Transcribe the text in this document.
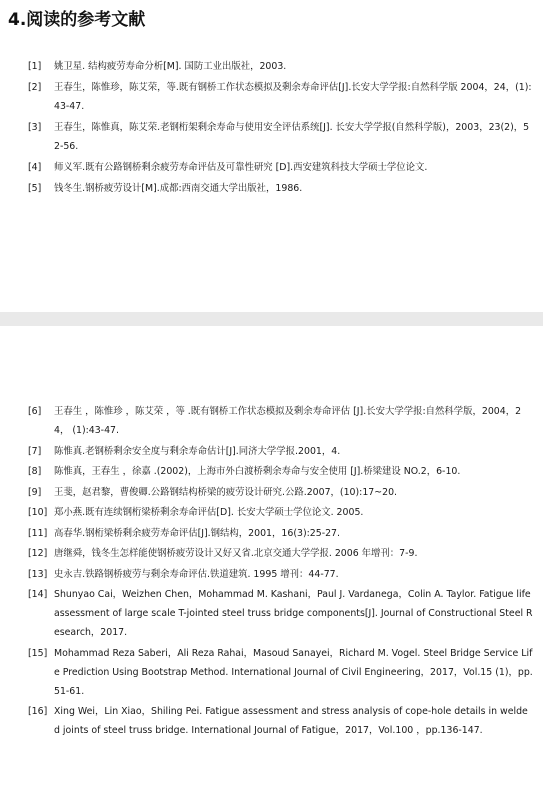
4.阅读的参考文献
[1] 姚卫星. 结构疲劳寿命分析[M]. 国防工业出版社，2003.
[2] 王春生，陈惟珍，陈艾荣，等.既有钢桥工作状态模拟及剩余寿命评估[J].长安大学学报:自然科学版 2004，24，(1):43-47.
[3] 王春生，陈惟真，陈艾荣.老钢桁架剩余寿命与使用安全评估系统[J]. 长安大学学报(自然科学版)，2003，23(2)，52-56.
[4] 师义军.既有公路钢桥剩余疲劳寿命评估及可靠性研究 [D].西安建筑科技大学硕士学位论文.
[5] 钱冬生.钢桥疲劳设计[M].成都:西南交通大学出版社，1986.
[6] 王春生 ，陈惟珍 ，陈艾荣 ，等 .既有钢桥工作状态模拟及剩余寿命评估 [J].长安大学学报:自然科学版，2004，24， (1):43-47.
[7] 陈惟真.老钢桥剩余安全度与剩余寿命估计[J].同济大学学报.2001，4.
[8] 陈惟真，王春生 ，徐嘉 .(2002)，上海市外白渡桥剩余寿命与安全使用 [J].桥梁建设 NO.2，6-10.
[9] 王斐，赵君黎，曹俊卿.公路钢结构桥梁的疲劳设计研究.公路.2007，(10):17~20.
[10] 郑小燕.既有连续钢桁梁桥剩余寿命评估[D]. 长安大学硕士学位论文. 2005.
[11] 高春华.钢桁梁桥剩余疲劳寿命评估[J].钢结构，2001，16(3):25-27.
[12] 唐继舜，钱冬生怎样能使钢桥疲劳设计又好又省.北京交通大学学报. 2006 年增刊：7-9.
[13] 史永吉.铁路钢桥疲劳与剩余寿命评估.铁道建筑. 1995 增刊：44-77.
[14] Shunyao Cai，Weizhen Chen，Mohammad M. Kashani，Paul J. Vardanega，Colin A. Taylor. Fatigue life assessment of large scale T-jointed steel truss bridge components[J]. Journal of Constructional Steel Research，2017.
[15] Mohammad Reza Saberi，Ali Reza Rahai，Masoud Sanayei，Richard M. Vogel. Steel Bridge Service Life Prediction Using Bootstrap Method. International Journal of Civil Engineering，2017，Vol.15 (1)，pp.51-61.
[16] Xing Wei，Lin Xiao，Shiling Pei. Fatigue assessment and stress analysis of cope-hole details in welded joints of steel truss bridge. International Journal of Fatigue，2017，Vol.100 ，pp.136-147.
